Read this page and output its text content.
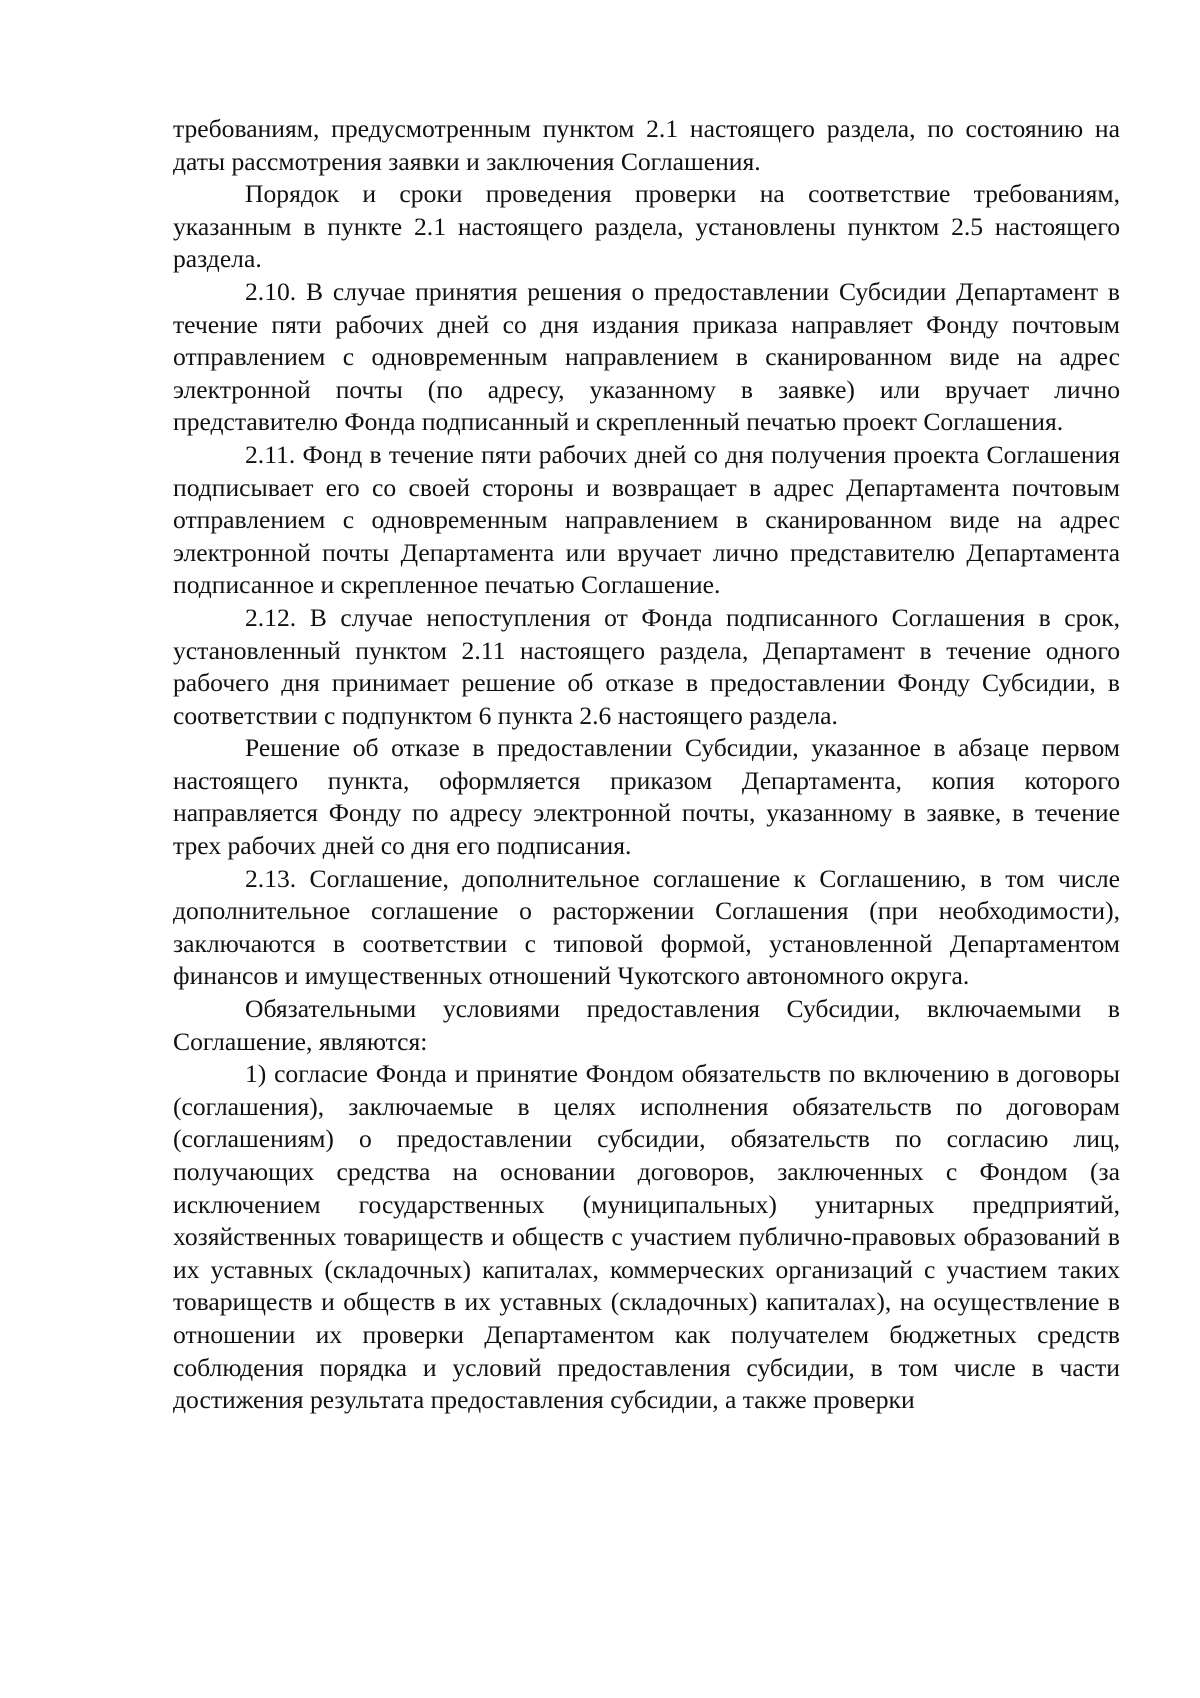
требованиям, предусмотренным пунктом 2.1 настоящего раздела, по состоянию на даты рассмотрения заявки и заключения Соглашения.

Порядок и сроки проведения проверки на соответствие требованиям, указанным в пункте 2.1 настоящего раздела, установлены пунктом 2.5 настоящего раздела.

2.10. В случае принятия решения о предоставлении Субсидии Департамент в течение пяти рабочих дней со дня издания приказа направляет Фонду почтовым отправлением с одновременным направлением в сканированном виде на адрес электронной почты (по адресу, указанному в заявке) или вручает лично представителю Фонда подписанный и скрепленный печатью проект Соглашения.

2.11. Фонд в течение пяти рабочих дней со дня получения проекта Соглашения подписывает его со своей стороны и возвращает в адрес Департамента почтовым отправлением с одновременным направлением в сканированном виде на адрес электронной почты Департамента или вручает лично представителю Департамента подписанное и скрепленное печатью Соглашение.

2.12. В случае непоступления от Фонда подписанного Соглашения в срок, установленный пунктом 2.11 настоящего раздела, Департамент в течение одного рабочего дня принимает решение об отказе в предоставлении Фонду Субсидии, в соответствии с подпунктом 6 пункта 2.6 настоящего раздела.

Решение об отказе в предоставлении Субсидии, указанное в абзаце первом настоящего пункта, оформляется приказом Департамента, копия которого направляется Фонду по адресу электронной почты, указанному в заявке, в течение трех рабочих дней со дня его подписания.

2.13. Соглашение, дополнительное соглашение к Соглашению, в том числе дополнительное соглашение о расторжении Соглашения (при необходимости), заключаются в соответствии с типовой формой, установленной Департаментом финансов и имущественных отношений Чукотского автономного округа.

Обязательными условиями предоставления Субсидии, включаемыми в Соглашение, являются:

1) согласие Фонда и принятие Фондом обязательств по включению в договоры (соглашения), заключаемые в целях исполнения обязательств по договорам (соглашениям) о предоставлении субсидии, обязательств по согласию лиц, получающих средства на основании договоров, заключенных с Фондом (за исключением государственных (муниципальных) унитарных предприятий, хозяйственных товариществ и обществ с участием публично-правовых образований в их уставных (складочных) капиталах, коммерческих организаций с участием таких товариществ и обществ в их уставных (складочных) капиталах), на осуществление в отношении их проверки Департаментом как получателем бюджетных средств соблюдения порядка и условий предоставления субсидии, в том числе в части достижения результата предоставления субсидии, а также проверки
